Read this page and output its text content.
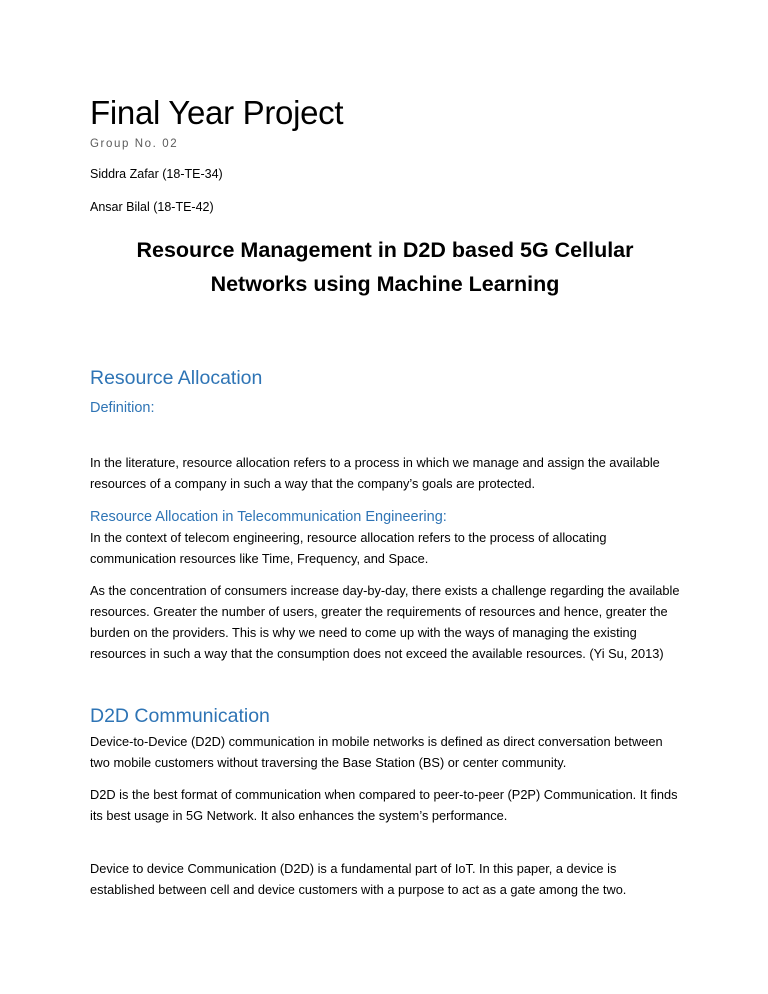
Final Year Project
Group No. 02
Siddra Zafar (18-TE-34)
Ansar Bilal (18-TE-42)
Resource Management in D2D based 5G Cellular
Networks using Machine Learning
Resource Allocation
Definition:

In the literature, resource allocation refers to a process in which we manage and assign the available resources of a company in such a way that the company’s goals are protected.

Resource Allocation in Telecommunication Engineering:

In the context of telecom engineering, resource allocation refers to the process of allocating communication resources like Time, Frequency, and Space.

As the concentration of consumers increase day-by-day, there exists a challenge regarding the available resources. Greater the number of users, greater the requirements of resources and hence, greater the burden on the providers. This is why we need to come up with the ways of managing the existing resources in such a way that the consumption does not exceed the available resources. (Yi Su, 2013)

D2D Communication

Device-to-Device (D2D) communication in mobile networks is defined as direct conversation between two mobile customers without traversing the Base Station (BS) or center community.

D2D is the best format of communication when compared to peer-to-peer (P2P) Communication. It finds its best usage in 5G Network. It also enhances the system’s performance.

Device to device Communication (D2D) is a fundamental part of IoT. In this paper, a device is established between cell and device customers with a purpose to act as a gate among the two.
